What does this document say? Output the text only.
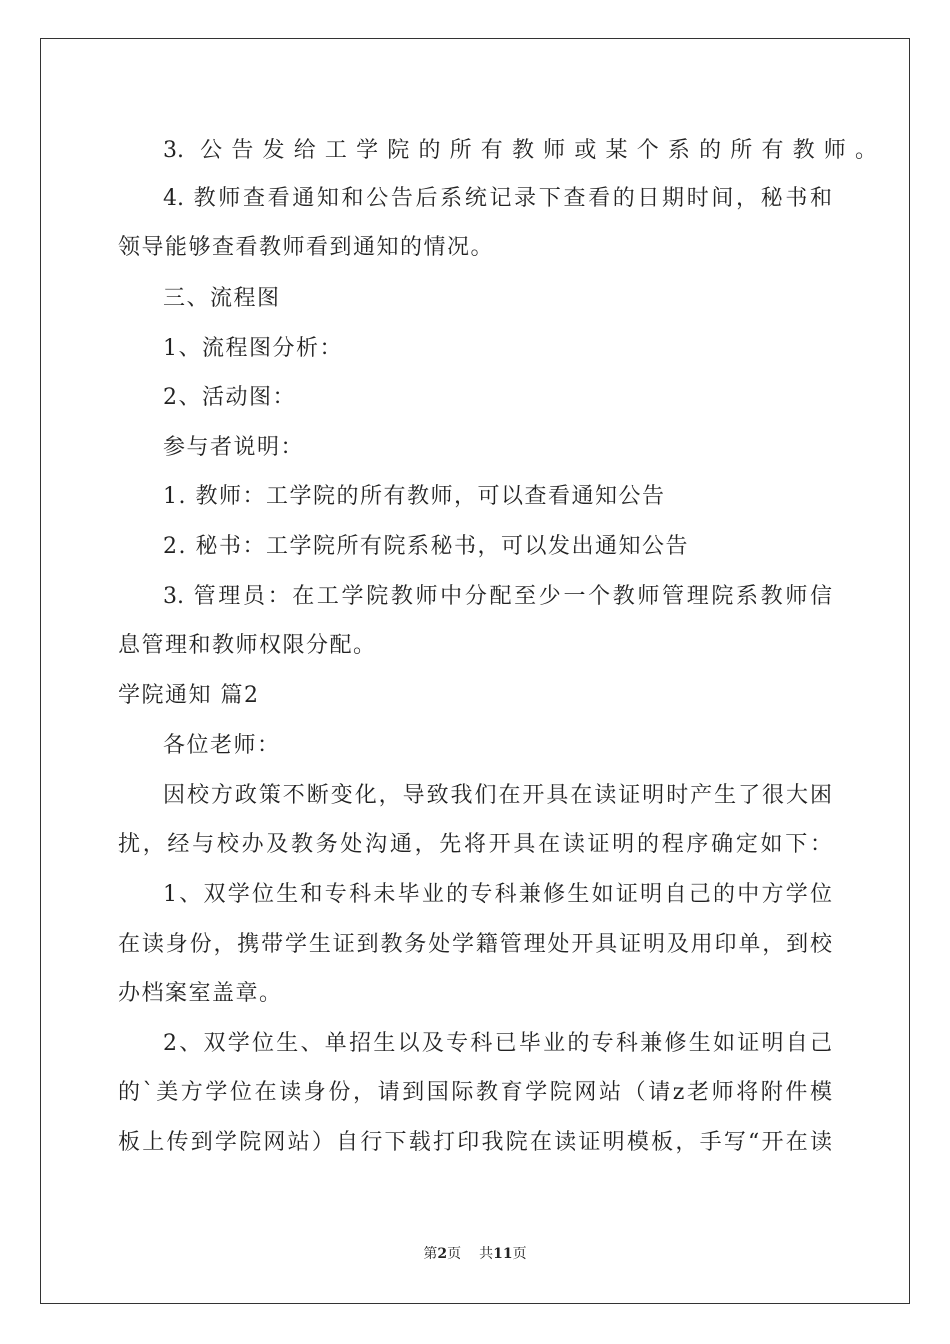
3. 公告发给工学院的所有教师或某个系的所有教师。
4. 教师查看通知和公告后系统记录下查看的日期时间，秘书和
领导能够查看教师看到通知的情况。
三、流程图
1、流程图分析：
2、活动图：
参与者说明：
1. 教师：工学院的所有教师，可以查看通知公告
2. 秘书：工学院所有院系秘书，可以发出通知公告
3. 管理员：在工学院教师中分配至少一个教师管理院系教师信
息管理和教师权限分配。
学院通知 篇2
各位老师：
因校方政策不断变化，导致我们在开具在读证明时产生了很大困
扰，经与校办及教务处沟通，先将开具在读证明的程序确定如下：
1、双学位生和专科未毕业的专科兼修生如证明自己的中方学位
在读身份，携带学生证到教务处学籍管理处开具证明及用印单，到校
办档案室盖章。
2、双学位生、单招生以及专科已毕业的专科兼修生如证明自己
的`美方学位在读身份，请到国际教育学院网站（请z老师将附件模
板上传到学院网站）自行下载打印我院在读证明模板，手写“开在读
第2页 共11页
